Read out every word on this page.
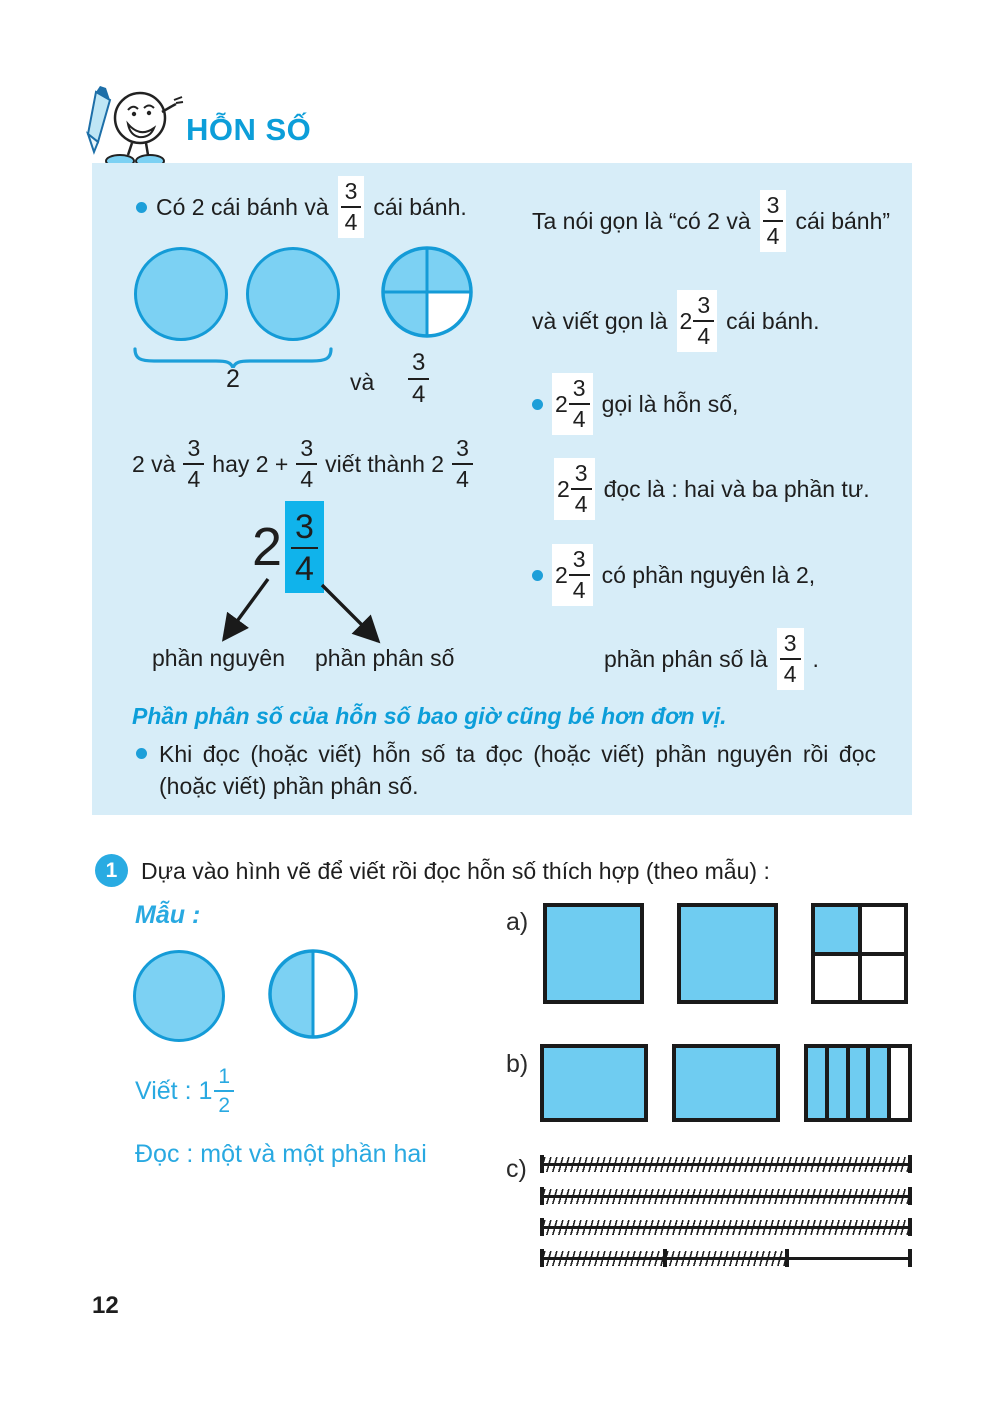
HỖN SỐ
Có 2 cái bánh và
3
4
cái bánh.
2	và $\frac{3}{4}$
2 và
3
4
hay $2 + \frac{3}{4}$ viết thành 2
3
4
$2 \frac{3}{4}$
phần nguyên phần phân số
Ta nói gọn là “có 2 và
3
4
cái bánh”
và viết gọn là 2
3
4
cái bánh.
2
3
4
gọi là hỗn số,
2
3
4
đọc là : hai và ba phần tư.
2
3
4
có phần nguyên là 2,
phần phân số là
3
4
.
Phần phân số của hỗn số bao giờ cũng bé hơn đơn vị.

Khi đọc (hoặc viết) hỗn số ta đọc (hoặc viết) phần nguyên rồi đọc (hoặc viết) phần phân số.

1	Dựa vào hình vẽ để viết rồi đọc hỗn số thích hợp (theo mẫu) :
Mẫu :
Viết : 1 1
2
Đọc : một và một phần hai
a)
b)
c)
12
